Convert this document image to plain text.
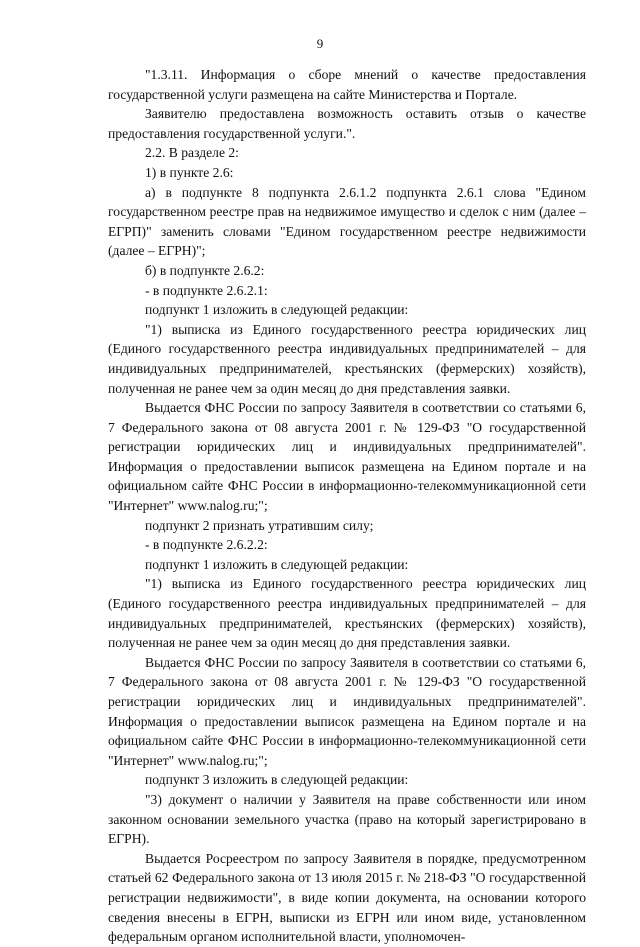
9

"1.3.11. Информация о сборе мнений о качестве предоставления государственной услуги размещена на сайте Министерства и Портале.

Заявителю предоставлена возможность оставить отзыв о качестве предоставления государственной услуги.".

2.2. В разделе 2:

1) в пункте 2.6:

а) в подпункте 8 подпункта 2.6.1.2 подпункта 2.6.1 слова "Едином государственном реестре прав на недвижимое имущество и сделок с ним (далее – ЕГРП)" заменить словами "Едином государственном реестре недвижимости (далее – ЕГРН)";

б) в подпункте 2.6.2:

- в подпункте 2.6.2.1:

подпункт 1 изложить в следующей редакции:

"1) выписка из Единого государственного реестра юридических лиц (Единого государственного реестра индивидуальных предпринимателей – для индивидуальных предпринимателей, крестьянских (фермерских) хозяйств), полученная не ранее чем за один месяц до дня представления заявки.

Выдается ФНС России по запросу Заявителя в соответствии со статьями 6, 7 Федерального закона от 08 августа 2001 г. № 129-ФЗ "О государственной регистрации юридических лиц и индивидуальных предпринимателей". Информация о предоставлении выписок размещена на Едином портале и на официальном сайте ФНС России в информационно-телекоммуникационной сети "Интернет" www.nalog.ru;";

подпункт 2 признать утратившим силу;

- в подпункте 2.6.2.2:

подпункт 1 изложить в следующей редакции:

"1) выписка из Единого государственного реестра юридических лиц (Единого государственного реестра индивидуальных предпринимателей – для индивидуальных предпринимателей, крестьянских (фермерских) хозяйств), полученная не ранее чем за один месяц до дня представления заявки.

Выдается ФНС России по запросу Заявителя в соответствии со статьями 6, 7 Федерального закона от 08 августа 2001 г. № 129-ФЗ "О государственной регистрации юридических лиц и индивидуальных предпринимателей". Информация о предоставлении выписок размещена на Едином портале и на официальном сайте ФНС России в информационно-телекоммуникационной сети "Интернет" www.nalog.ru;";

подпункт 3 изложить в следующей редакции:

"3) документ о наличии у Заявителя на праве собственности или ином законном основании земельного участка (право на который зарегистрировано в ЕГРН).

Выдается Росреестром по запросу Заявителя в порядке, предусмотренном статьей 62 Федерального закона от 13 июля 2015 г. № 218-ФЗ "О государственной регистрации недвижимости", в виде копии документа, на основании которого сведения внесены в ЕГРН, выписки из ЕГРН или ином виде, установленном федеральным органом исполнительной власти, уполномочен-
